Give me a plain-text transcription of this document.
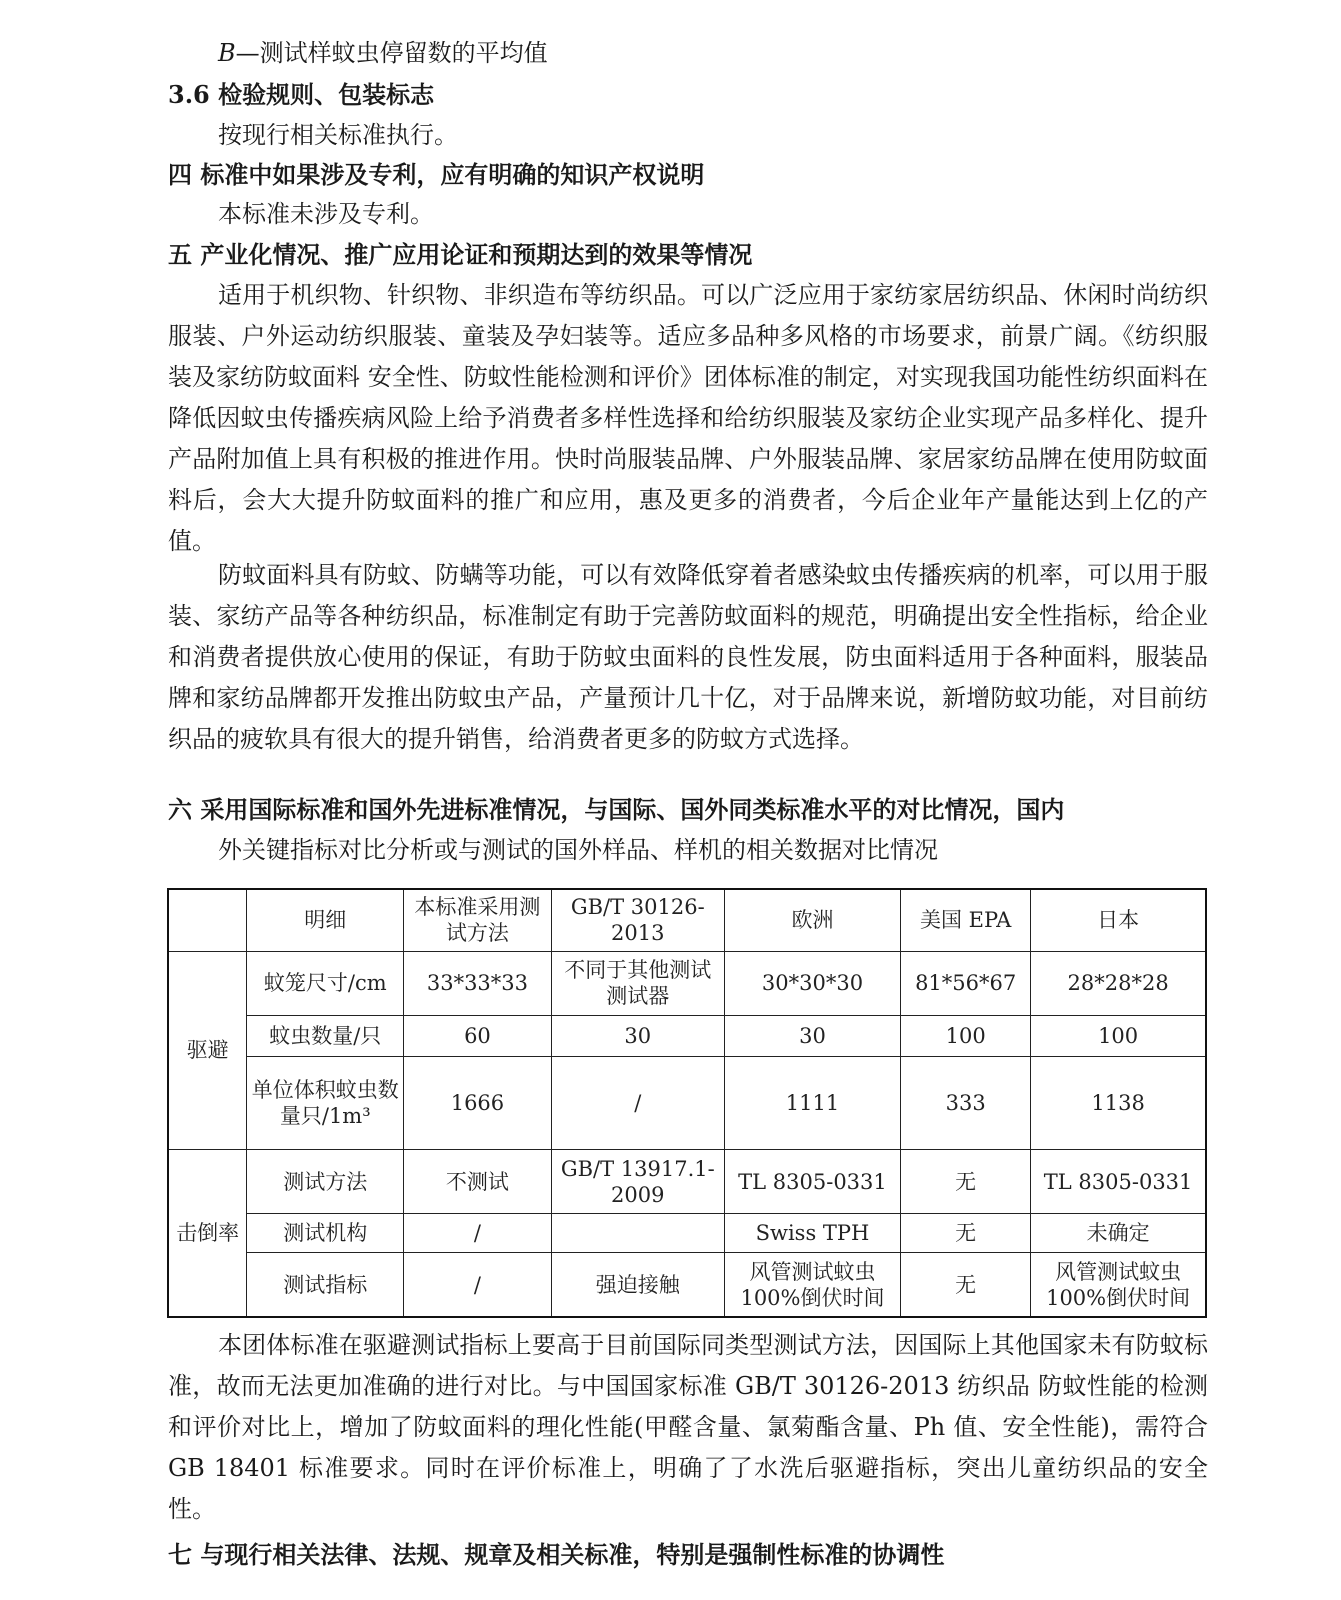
B—测试样蚊虫停留数的平均值
3.6 检验规则、包装标志
按现行相关标准执行。
四 标准中如果涉及专利，应有明确的知识产权说明
本标准未涉及专利。
五 产业化情况、推广应用论证和预期达到的效果等情况
适用于机织物、针织物、非织造布等纺织品。可以广泛应用于家纺家居纺织品、休闲时尚纺织服装、户外运动纺织服装、童装及孕妇装等。适应多品种多风格的市场要求，前景广阔。《纺织服装及家纺防蚊面料 安全性、防蚊性能检测和评价》团体标准的制定，对实现我国功能性纺织面料在降低因蚊虫传播疾病风险上给予消费者多样性选择和给纺织服装及家纺企业实现产品多样化、提升产品附加值上具有积极的推进作用。快时尚服装品牌、户外服装品牌、家居家纺品牌在使用防蚊面料后，会大大提升防蚊面料的推广和应用，惠及更多的消费者，今后企业年产量能达到上亿的产值。
防蚊面料具有防蚊、防螨等功能，可以有效降低穿着者感染蚊虫传播疾病的机率，可以用于服装、家纺产品等各种纺织品，标准制定有助于完善防蚊面料的规范，明确提出安全性指标，给企业和消费者提供放心使用的保证，有助于防蚊虫面料的良性发展，防虫面料适用于各种面料，服装品牌和家纺品牌都开发推出防蚊虫产品，产量预计几十亿，对于品牌来说，新增防蚊功能，对目前纺织品的疲软具有很大的提升销售，给消费者更多的防蚊方式选择。
六 采用国际标准和国外先进标准情况，与国际、国外同类标准水平的对比情况，国内
外关键指标对比分析或与测试的国外样品、样机的相关数据对比情况
	明细	本标准采用测试方法	GB/T 30126-2013	欧洲	美国 EPA	日本
驱避	蚊笼尺寸/cm	33*33*33	不同于其他测试测试器	30*30*30	81*56*67	28*28*28
	蚊虫数量/只	60	30	30	100	100
	单位体积蚊虫数量只/1m³	1666	/	1111	333	1138
击倒率	测试方法	不测试	GB/T 13917.1-2009	TL 8305-0331	无	TL 8305-0331
	测试机构	/		Swiss TPH	无	未确定
	测试指标	/	强迫接触	风管测试蚊虫100%倒伏时间	无	风管测试蚊虫100%倒伏时间
本团体标准在驱避测试指标上要高于目前国际同类型测试方法，因国际上其他国家未有防蚊标准，故而无法更加准确的进行对比。与中国国家标准 GB/T 30126-2013 纺织品 防蚊性能的检测和评价对比上，增加了防蚊面料的理化性能(甲醛含量、氯菊酯含量、Ph 值、安全性能)，需符合 GB 18401 标准要求。同时在评价标准上，明确了了水洗后驱避指标，突出儿童纺织品的安全性。
七 与现行相关法律、法规、规章及相关标准，特别是强制性标准的协调性
